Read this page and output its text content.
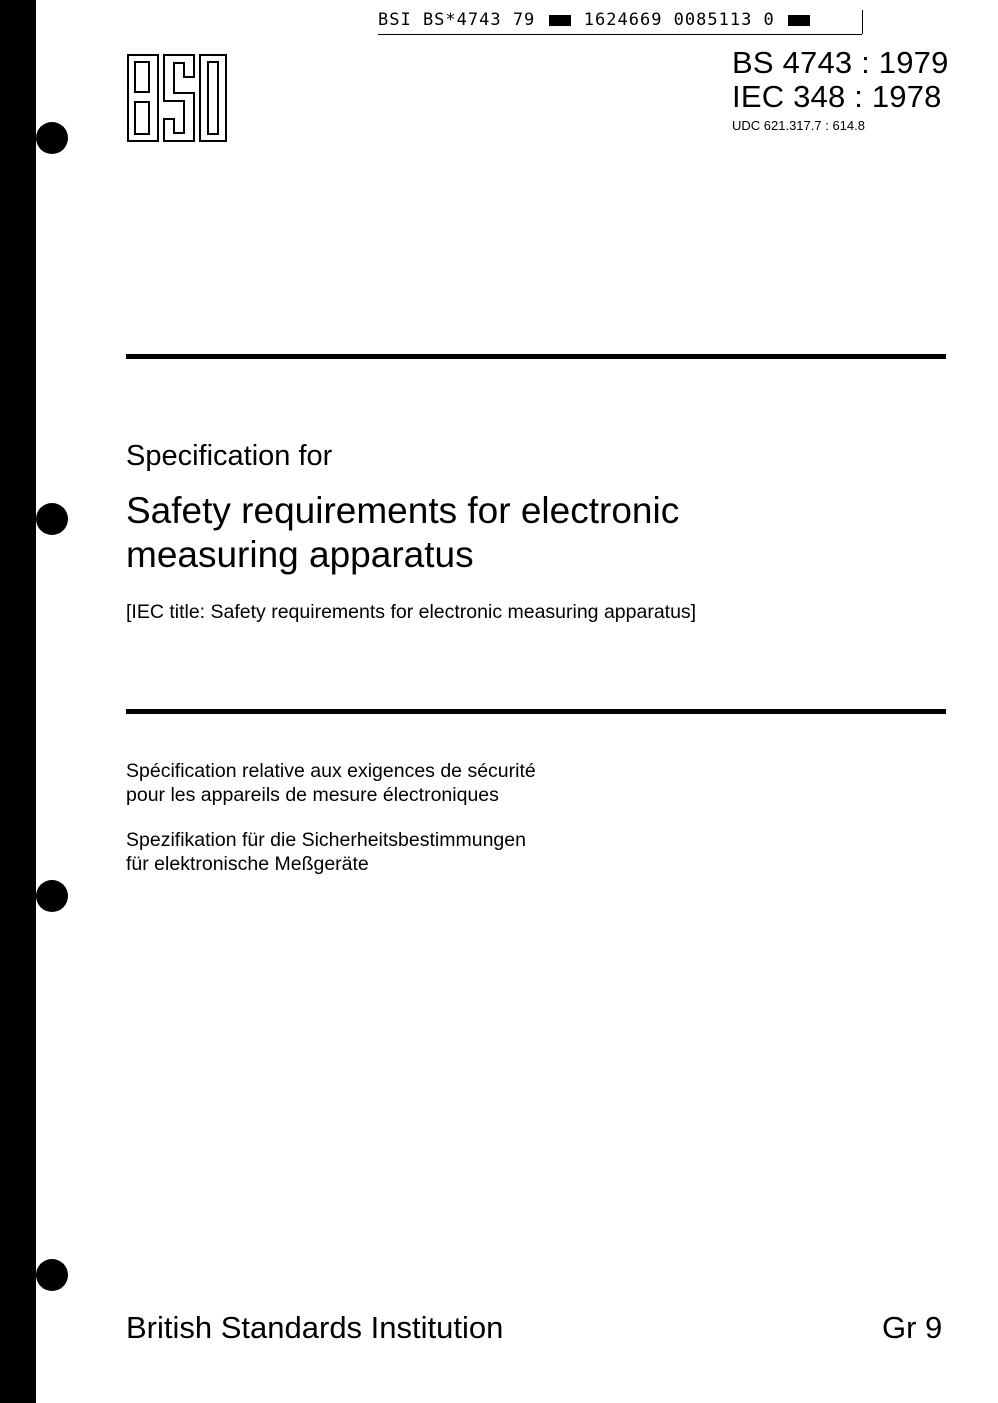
BSI BS*4743 79	1624669 0085113 0
BS 4743 : 1979
IEC 348 : 1978
UDC 621.317.7 : 614.8
Specification for
Safety requirements for electronic
measuring apparatus
[IEC title: Safety requirements for electronic measuring apparatus]
Spécification relative aux exigences de sécurité
pour les appareils de mesure électroniques
Spezifikation für die Sicherheitsbestimmungen
für elektronische Meßgeräte
British Standards Institution	Gr 9
